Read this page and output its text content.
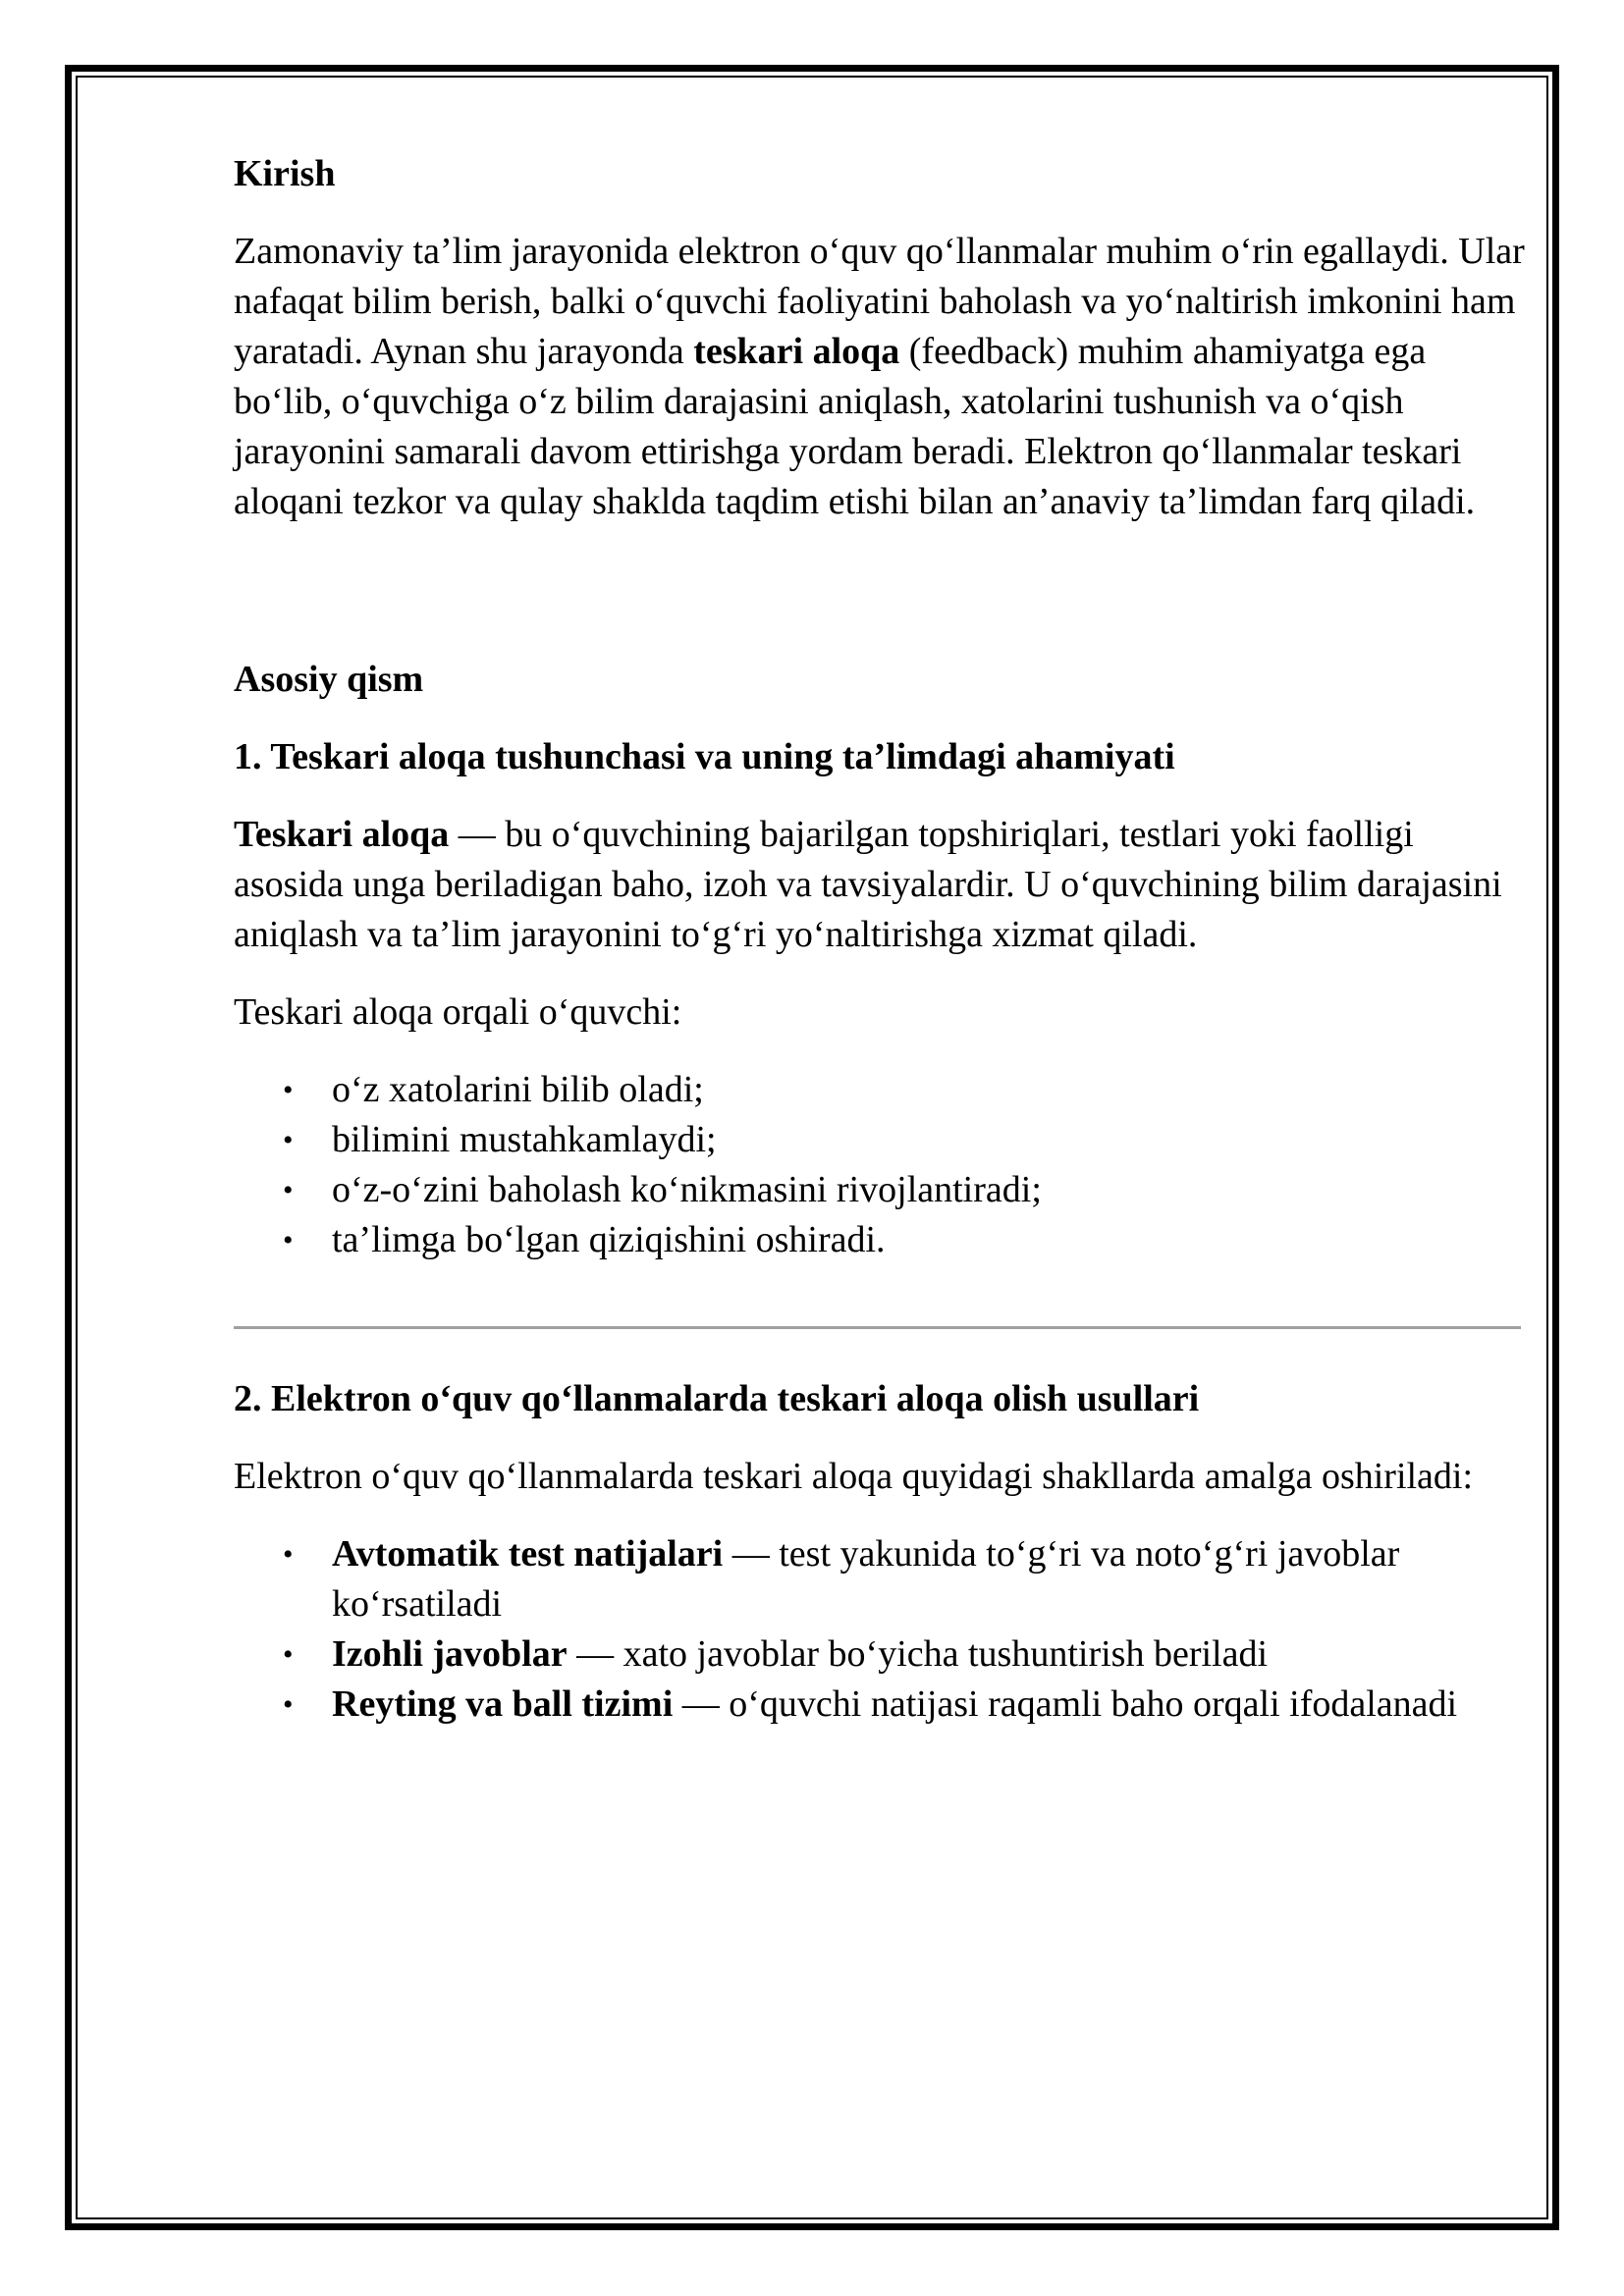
Kirish

Zamonaviy ta’lim jarayonida elektron o‘quv qo‘llanmalar muhim o‘rin egallaydi. Ular nafaqat bilim berish, balki o‘quvchi faoliyatini baholash va yo‘naltirish imkonini ham yaratadi. Aynan shu jarayonda teskari aloqa (feedback) muhim ahamiyatga ega bo‘lib, o‘quvchiga o‘z bilim darajasini aniqlash, xatolarini tushunish va o‘qish jarayonini samarali davom ettirishga yordam beradi. Elektron qo‘llanmalar teskari aloqani tezkor va qulay shaklda taqdim etishi bilan an’anaviy ta’limdan farq qiladi.

Asosiy qism
1. Teskari aloqa tushunchasi va uning ta’limdagi ahamiyati

Teskari aloqa — bu o‘quvchining bajarilgan topshiriqlari, testlari yoki faolligi asosida unga beriladigan baho, izoh va tavsiyalardir. U o‘quvchining bilim darajasini aniqlash va ta’lim jarayonini to‘g‘ri yo‘naltirishga xizmat qiladi.

Teskari aloqa orqali o‘quvchi:

• o‘z xatolarini bilib oladi;
• bilimini mustahkamlaydi;
• o‘z-o‘zini baholash ko‘nikmasini rivojlantiradi;
• ta’limga bo‘lgan qiziqishini oshiradi.
2. Elektron o‘quv qo‘llanmalarda teskari aloqa olish usullari

Elektron o‘quv qo‘llanmalarda teskari aloqa quyidagi shakllarda amalga oshiriladi:

• Avtomatik test natijalari — test yakunida to‘g‘ri va noto‘g‘ri javoblar ko‘rsatiladi
• Izohli javoblar — xato javoblar bo‘yicha tushuntirish beriladi
• Reyting va ball tizimi — o‘quvchi natijasi raqamli baho orqali ifodalanadi
